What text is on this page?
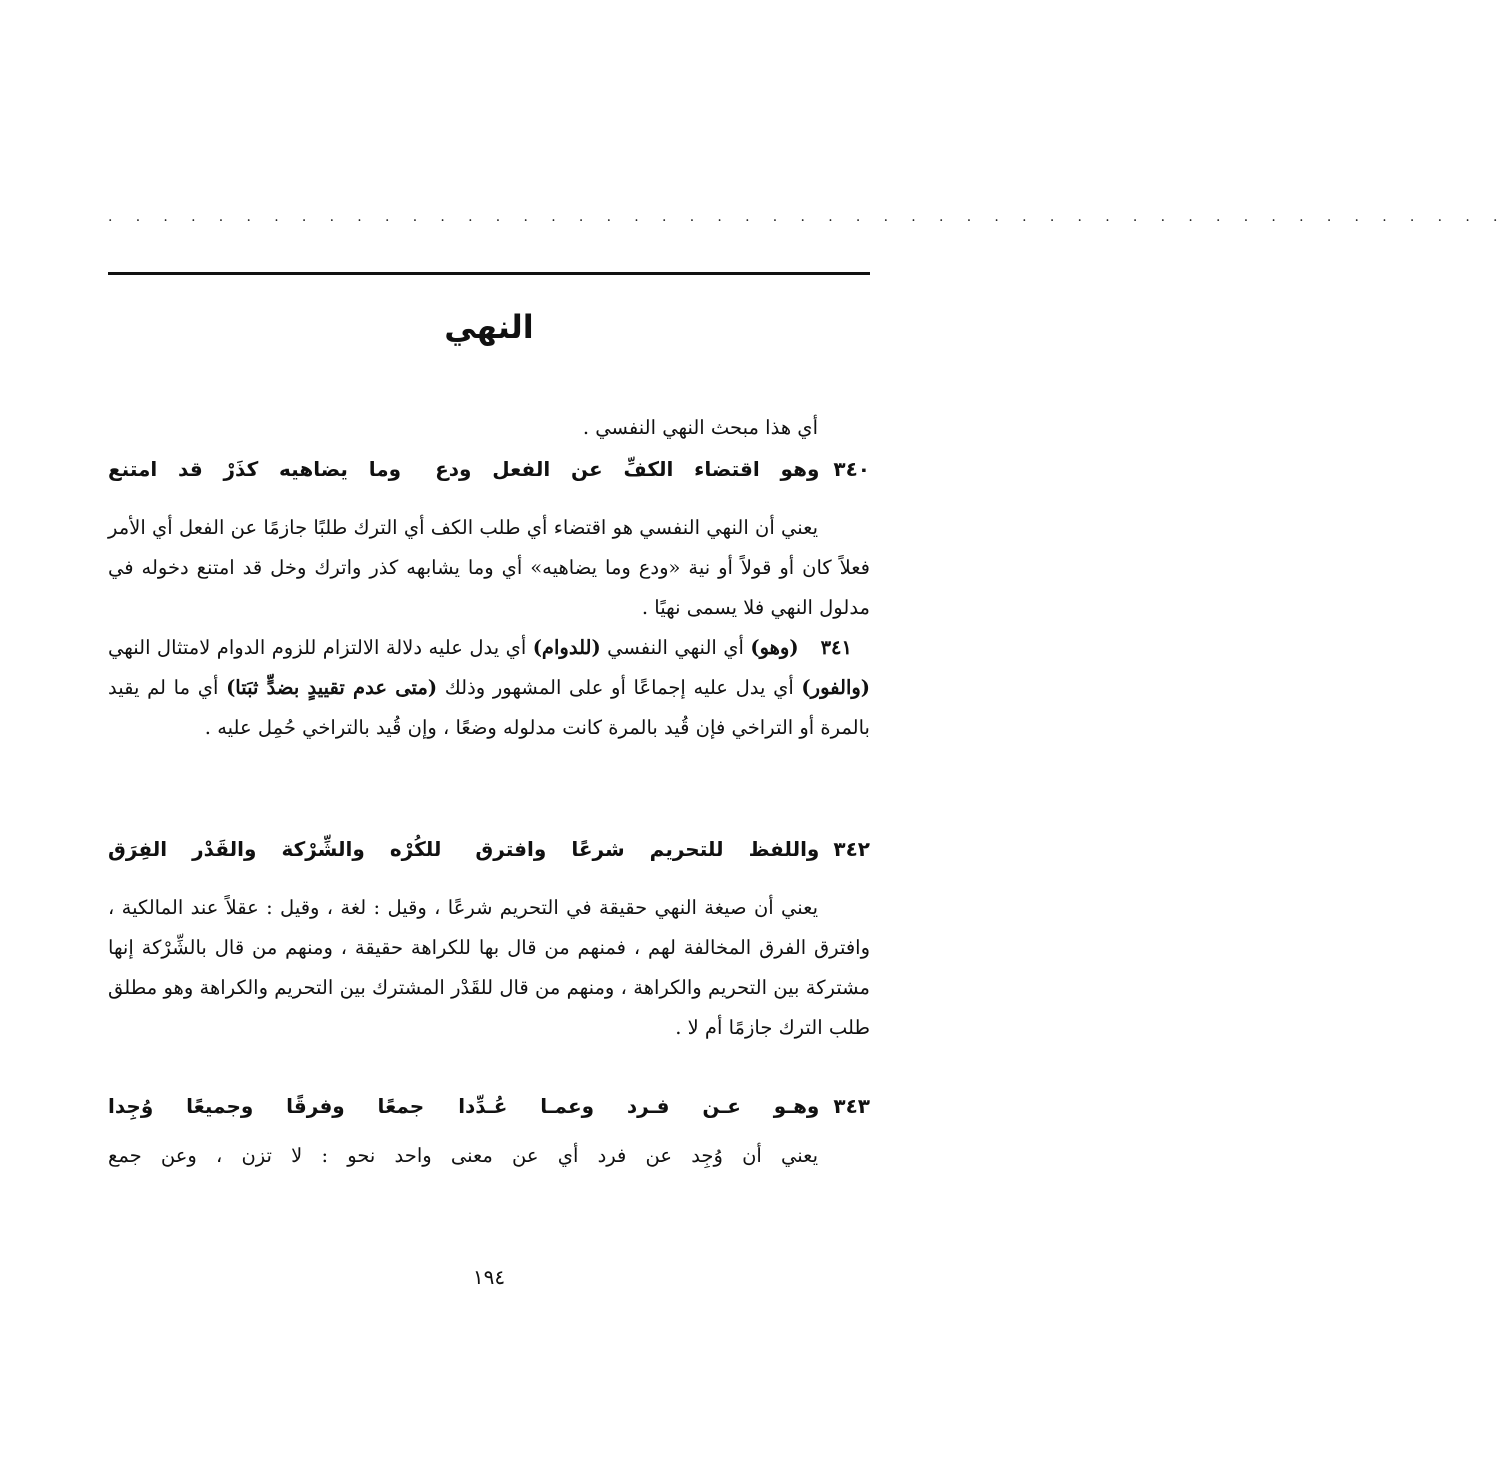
· · · · · · · · · · · · · · · · · · · · · · · · · · · · · · · · · · · · · · · · · · · · · · · · · · ·
النهي

أي هذا مبحث النهي النفسي .

٣٤٠وهو اقتضاء الكفِّ عن الفعل ودعوما يضاهيه كذَرْ قد امتنع

يعني أن النهي النفسي هو اقتضاء أي طلب الكف أي الترك طلبًا جازمًا عن الفعل أي الأمر فعلاً كان أو قولاً أو نية «ودع وما يضاهيه» أي وما يشابهه كذر واترك وخل قد امتنع دخوله في مدلول النهي فلا يسمى نهيًا .

٣٤١(وهو) أي النهي النفسي (للدوام) أي يدل عليه دلالة الالتزام للزوم الدوام لامتثال النهي (والفور) أي يدل عليه إجماعًا أو على المشهور وذلك (متى عدم تقييدٍ بضدٍّ ثبَتا) أي ما لم يقيد بالمرة أو التراخي فإن قُيد بالمرة كانت مدلوله وضعًا ، وإن قُيد بالتراخي حُمِل عليه .

٣٤٢واللفظ للتحريم شرعًا وافترقللكُرْه والشِّرْكة والقَدْر الفِرَق

يعني أن صيغة النهي حقيقة في التحريم شرعًا ، وقيل : لغة ، وقيل : عقلاً عند المالكية ، وافترق الفرق المخالفة لهم ، فمنهم من قال بها للكراهة حقيقة ، ومنهم من قال بالشِّرْكة إنها مشتركة بين التحريم والكراهة ، ومنهم من قال للقَدْر المشترك بين التحريم والكراهة وهو مطلق طلب الترك جازمًا أم لا .

٣٤٣وهـو عـن فـرد وعمـا عُـدِّداجمعًا وفرقًا وجميعًا وُجِدا

يعني أن وُجِد عن فرد أي عن معنى واحد نحو : لا تزن ، وعن جمع

١٩٤
